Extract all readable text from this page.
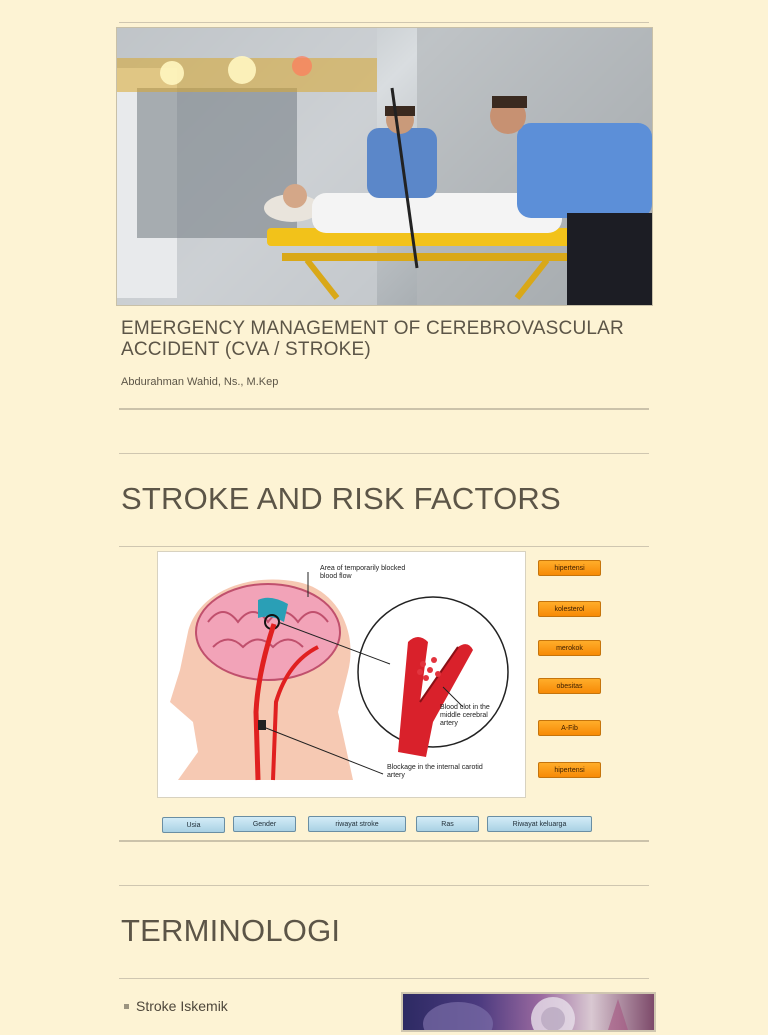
EMERGENCY MANAGEMENT OF CEREBROVASCULAR ACCIDENT (CVA / STROKE)
Abdurahman Wahid, Ns., M.Kep
STROKE AND RISK FACTORS
Area of temporarily blocked blood flow
Blood clot in the middle cerebral artery
Blockage in the internal carotid artery
hipertensi
kolesterol
merokok
obesitas
A-Fib
hipertensi
Usia	Gender	riwayat stroke	Ras	Riwayat keluarga
TERMINOLOGI
Stroke Iskemik
